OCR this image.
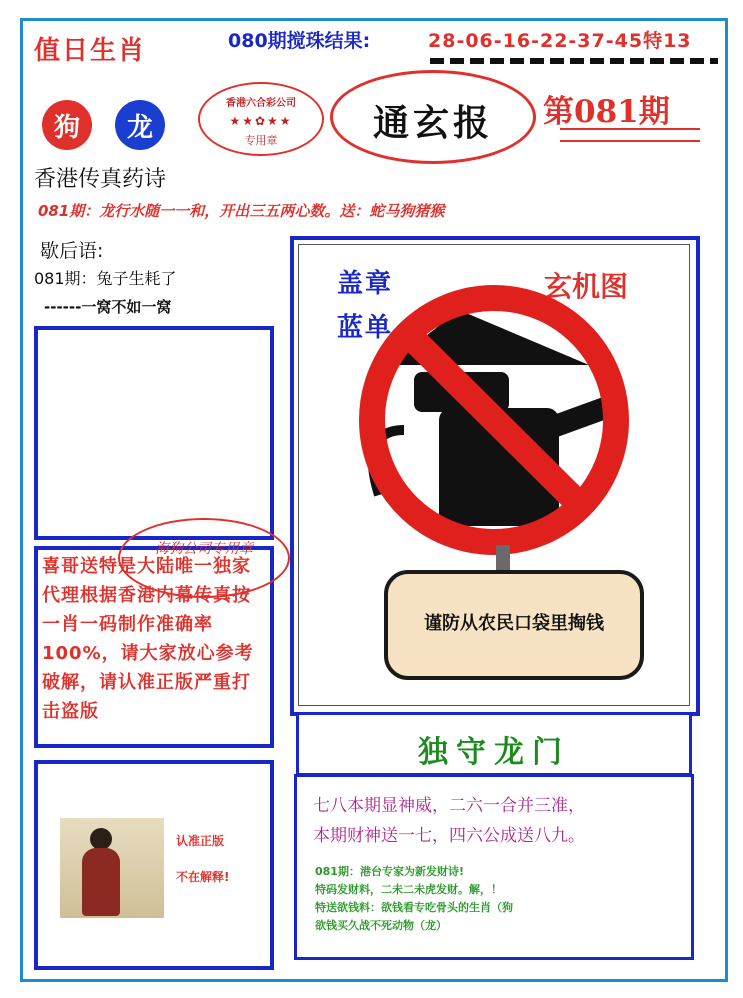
值日生肖	080期搅珠结果:	28-06-16-22-37-45特13
狗	龙
香港六合彩公司
★★✿★★
专用章	通玄报	第081期
香港传真药诗
081期：龙行水随一一和，开出三五两心数。送：蛇马狗猪猴
歇后语:
081期：兔子生耗了
------一窝不如一窝

喜哥送特是大陆唯一独家代理根据香港内幕传真按一肖一码制作准确率100%，请大家放心参考破解，请认准正版严重打击盗版

海狗公司专用章
认准正版
不在解释!
盖章
蓝单
玄机图
谨防从农民口袋里掏钱
独守龙门
七八本期显神威，二六一合并三准，
本期财神送一七，四六公成送八九。
081期：港台专家为新发财诗!
特码发财料，二未二未虎发财。解，！
特送欲钱料：欲钱看专吃骨头的生肖（狗
欲钱买久战不死动物（龙）
